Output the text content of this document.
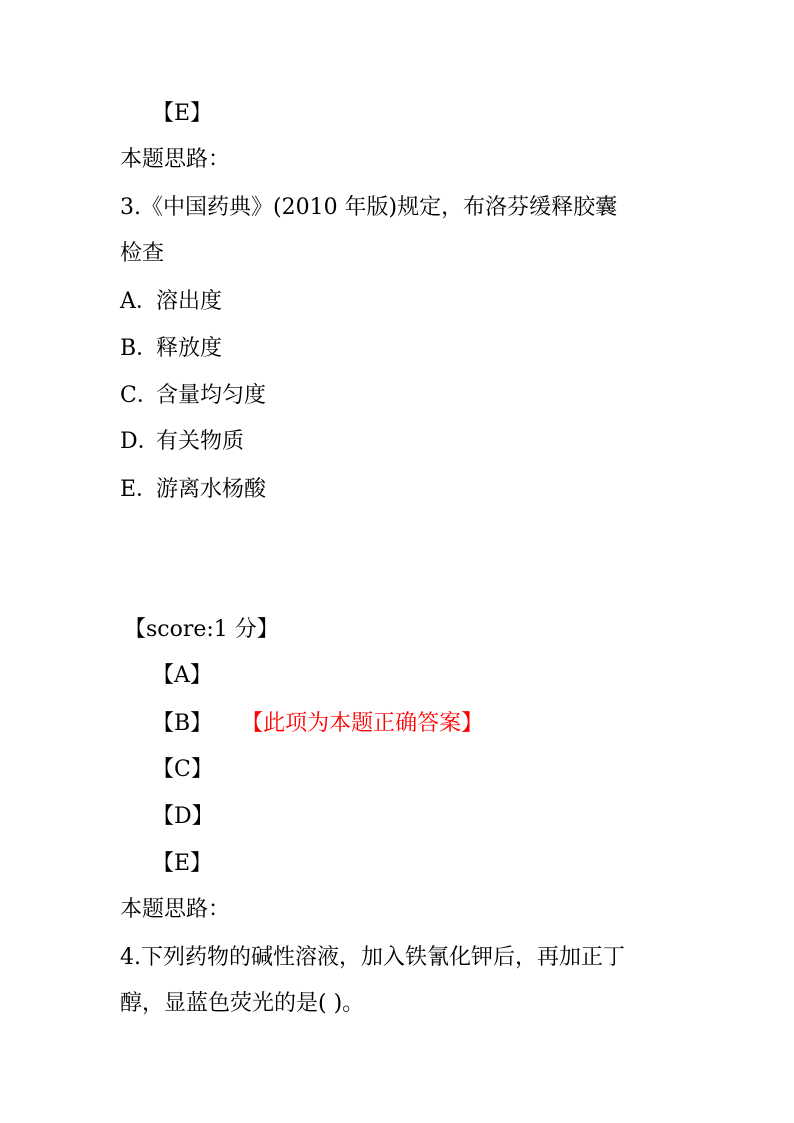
【E】
本题思路：
3.《中国药典》(2010 年版)规定，布洛芬缓释胶囊
检查
A．溶出度
B．释放度
C．含量均匀度
D．有关物质
E．游离水杨酸
【score:1 分】
【A】
【B】 【此项为本题正确答案】
【C】
【D】
【E】
本题思路：
4.下列药物的碱性溶液，加入铁氰化钾后，再加正丁
醇，显蓝色荧光的是( )。
